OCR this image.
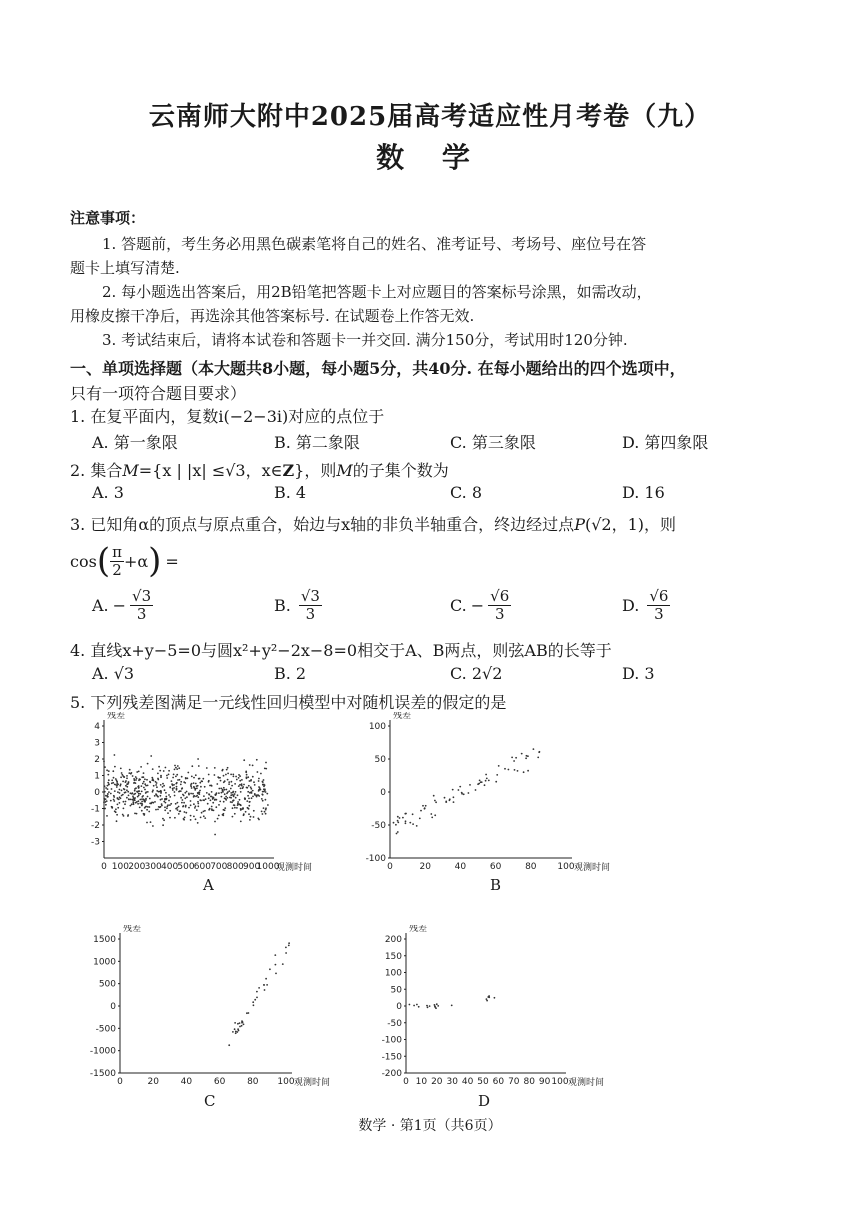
云南师大附中2025届高考适应性月考卷（九）
数 学
注意事项：
1. 答题前，考生务必用黑色碳素笔将自己的姓名、准考证号、考场号、座位号在答
题卡上填写清楚.
2. 每小题选出答案后，用2B铅笔把答题卡上对应题目的答案标号涂黑，如需改动，
用橡皮擦干净后，再选涂其他答案标号. 在试题卷上作答无效.
3. 考试结束后，请将本试卷和答题卡一并交回. 满分150分，考试用时120分钟.
一、单项选择题（本大题共8小题，每小题5分，共40分. 在每小题给出的四个选项中，
只有一项符合题目要求）
1. 在复平面内，复数i(−2−3i)对应的点位于
A. 第一象限	B. 第二象限	C. 第三象限	D. 第四象限
2. 集合M={x | |x| ≤√3，x∈Z}，则M的子集个数为
A. 3	B. 4	C. 8	D. 16
3. 已知角α的顶点与原点重合，始边与x轴的非负半轴重合，终边经过点P(√2，1)，则
cos ( $\frac{\pi}{2} +\alpha$ ) =
A. − $\frac{√3}{3}$	B. $\frac{√3}{3}$	C. − $\frac{√6}{3}$	D. $\frac{√6}{3}$
4. 直线x+y−5=0与圆x²+y²−2x−8=0相交于A、B两点，则弦AB的长等于
A. √3	B. 2	C. 2√2	D. 3
5. 下列残差图满足一元线性回归模型中对随机误差的假定的是
残差
观测时间
4
3
2
1
0
-1
-2
-3
0 100 200 300 400 500 600 700 800 900
1000
A
残差
观测时间
100
50
0
-50
-100
0	20	40	60	80 100
B
残差
观测时间
1500
1000
500
0
-500
-1000
-1500
0	20 40 60 80 100
C
残差
观测时间
200
150
100
50
0
-50
-100
-150
-200
0 10 20 30 40 50 60 70 80 90 100
D
数学 · 第1页（共6页）
